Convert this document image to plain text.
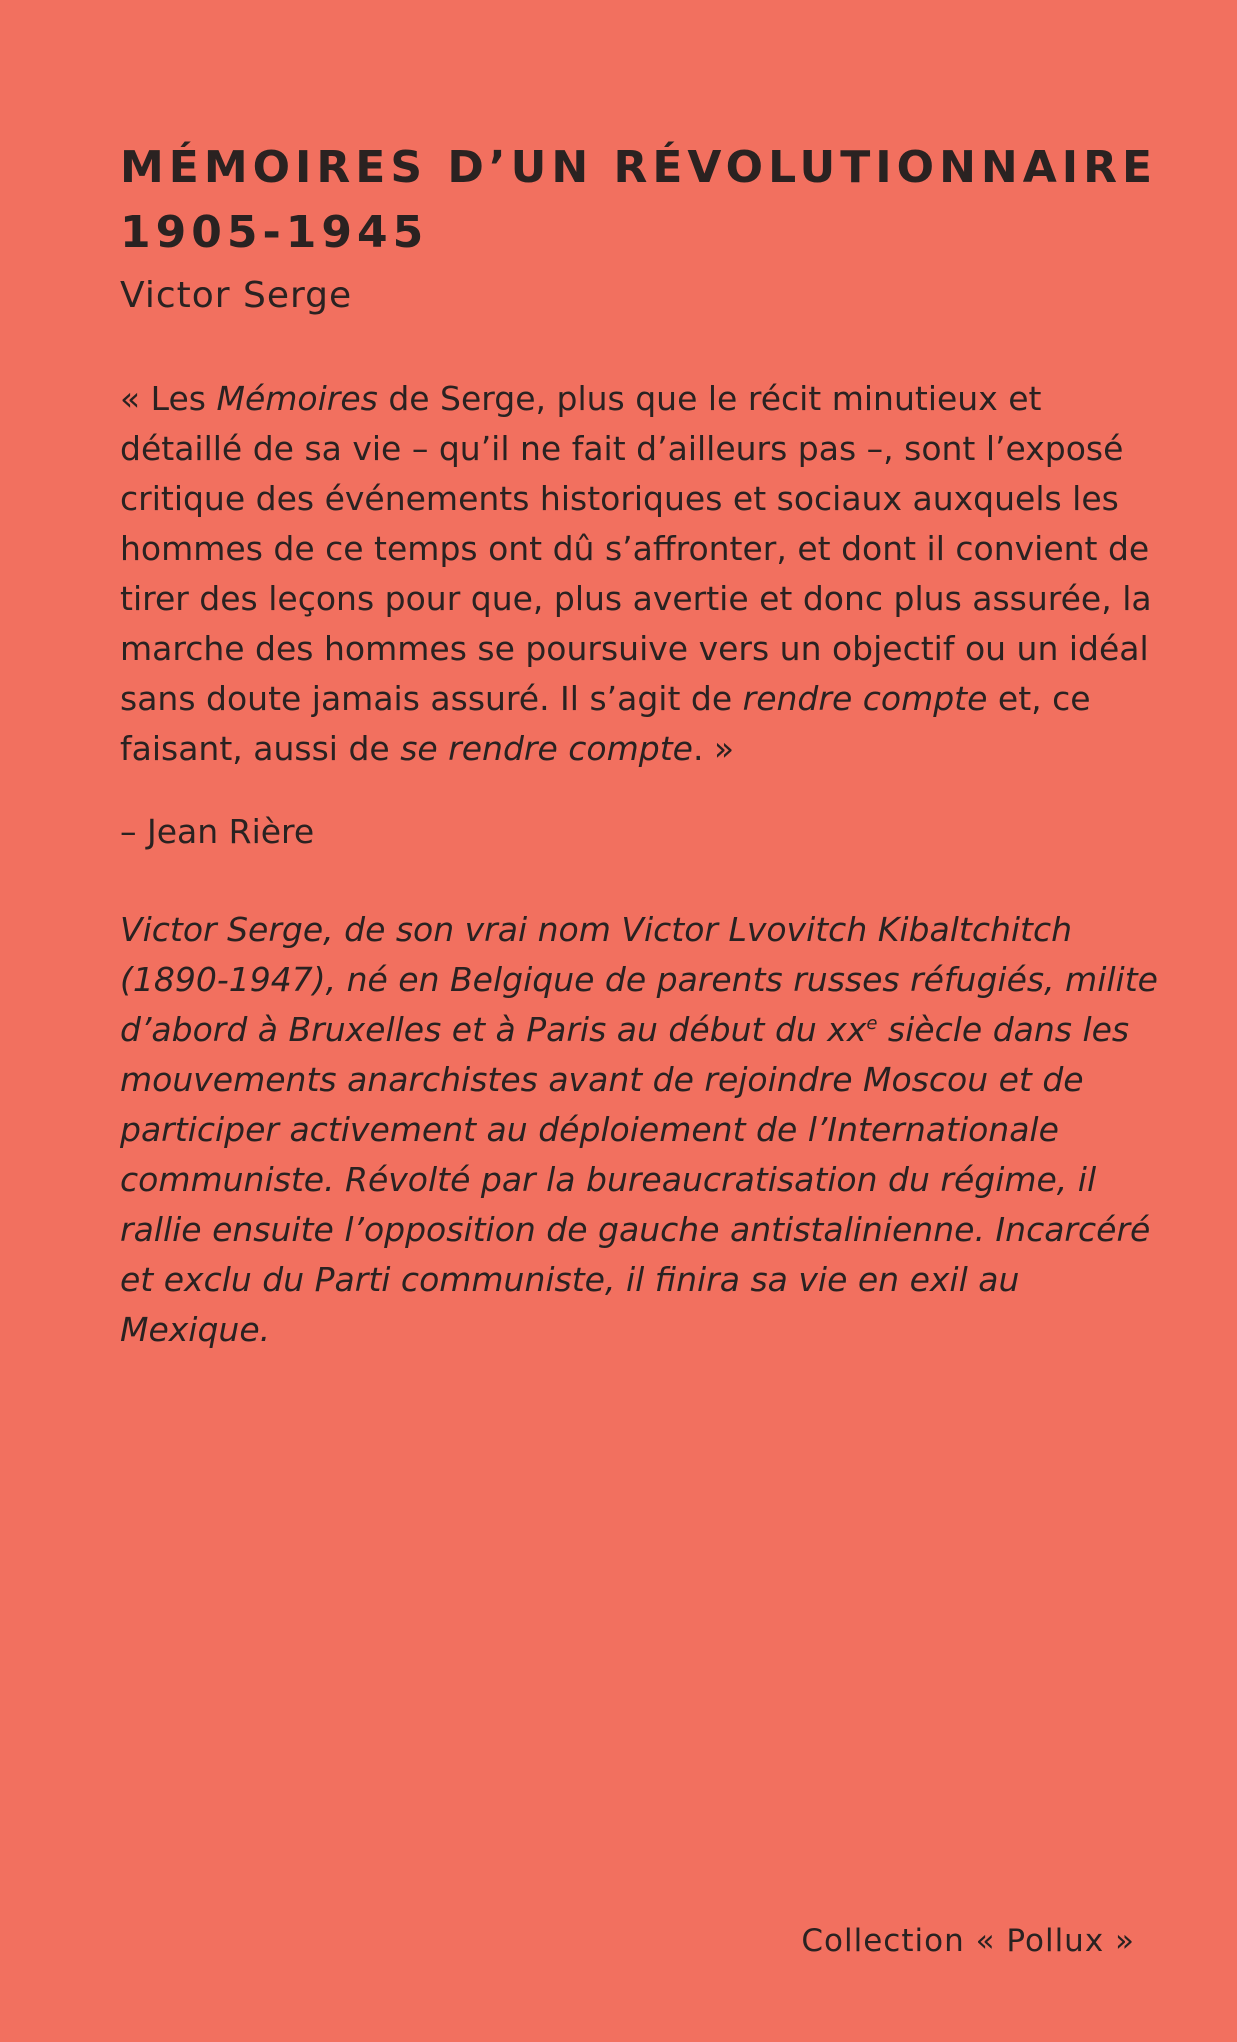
MÉMOIRES D’UN RÉVOLUTIONNAIRE
1905-1945
Victor Serge

« Les Mémoires de Serge, plus que le récit minutieux et détaillé de sa vie – qu’il ne fait d’ailleurs pas –, sont l’exposé critique des événements historiques et sociaux auxquels les hommes de ce temps ont dû s’affronter, et dont il convient de tirer des leçons pour que, plus avertie et donc plus assurée, la marche des hommes se poursuive vers un objectif ou un idéal sans doute jamais assuré. Il s’agit de rendre compte et, ce faisant, aussi de se rendre compte. »

– Jean Rière

Victor Serge, de son vrai nom Victor Lvovitch Kibaltchitch (1890-1947), né en Belgique de parents russes réfugiés, milite d’abord à Bruxelles et à Paris au début du $xx^e$ siècle dans les mouvements anarchistes avant de rejoindre Moscou et de participer activement au déploiement de l’Internationale communiste. Révolté par la bureaucratisation du régime, il rallie ensuite l’opposition de gauche antistalinienne. Incarcéré et exclu du Parti communiste, il finira sa vie en exil au Mexique.

Collection « Pollux »
